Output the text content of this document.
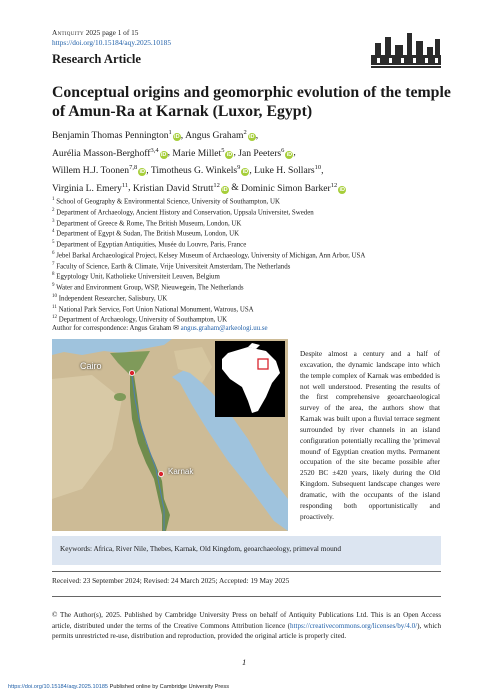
Antiquity 2025 page 1 of 15
https://doi.org/10.15184/aqy.2025.10185
Research Article
Conceptual origins and geomorphic evolution of the temple of Amun-Ra at Karnak (Luxor, Egypt)
Benjamin Thomas Pennington$^1$iD, Angus Graham$^2$iD,
Aurélia Masson-Berghoff$^{3,4}$iD, Marie Millet$^5$iD, Jan Peeters$^6$iD,
Willem H.J. Toonen$^{7,8}$iD, Timotheus G. Winkels$^9$iD, Luke H. Sollars$^{10}$,
Virginia L. Emery$^{11}$, Kristian David Strutt$^{12}$iD & Dominic Simon Barker$^{12}$iD
$^1$ School of Geography & Environmental Science, University of Southampton, UK
$^2$ Department of Archaeology, Ancient History and Conservation, Uppsala Universitet, Sweden
$^3$ Department of Greece & Rome, The British Museum, London, UK
$^4$ Department of Egypt & Sudan, The British Museum, London, UK
$^5$ Department of Egyptian Antiquities, Musée du Louvre, Paris, France
$^6$ Jebel Barkal Archaeological Project, Kelsey Museum of Archaeology, University of Michigan, Ann Arbor, USA
$^7$ Faculty of Science, Earth & Climate, Vrije Universiteit Amsterdam, The Netherlands
$^8$ Egyptology Unit, Katholieke Universiteit Leuven, Belgium
$^9$ Water and Environment Group, WSP, Nieuwegein, The Netherlands
$^{10}$ Independent Researcher, Salisbury, UK
$^{11}$ National Park Service, Fort Union National Monument, Watrous, USA
$^{12}$ Department of Archaeology, University of Southampton, UK
Author for correspondence: Angus Graham ✉ angus.graham@arkeologi.uu.se
Cairo
Karnak
Despite almost a century and a half of excavation, the dynamic landscape into which the temple complex of Karnak was embedded is not well understood. Presenting the results of the first comprehensive geoarchaeological survey of the area, the authors show that Karnak was built upon a fluvial terrace segment surrounded by river channels in an island configuration potentially recalling the 'primeval mound' of Egyptian creation myths. Permanent occupation of the site became possible after 2520 BC ±420 years, likely during the Old Kingdom. Subsequent landscape changes were dramatic, with the occupants of the island responding both opportunistically and proactively.
Keywords: Africa, River Nile, Thebes, Karnak, Old Kingdom, geoarchaeology, primeval mound
Received: 23 September 2024; Revised: 24 March 2025; Accepted: 19 May 2025
© The Author(s), 2025. Published by Cambridge University Press on behalf of Antiquity Publications Ltd. This is an Open Access article, distributed under the terms of the Creative Commons Attribution licence (https://creativecommons.org/licenses/by/4.0/), which permits unrestricted re-use, distribution and reproduction, provided the original article is properly cited.
1
https://doi.org/10.15184/aqy.2025.10185 Published online by Cambridge University Press
